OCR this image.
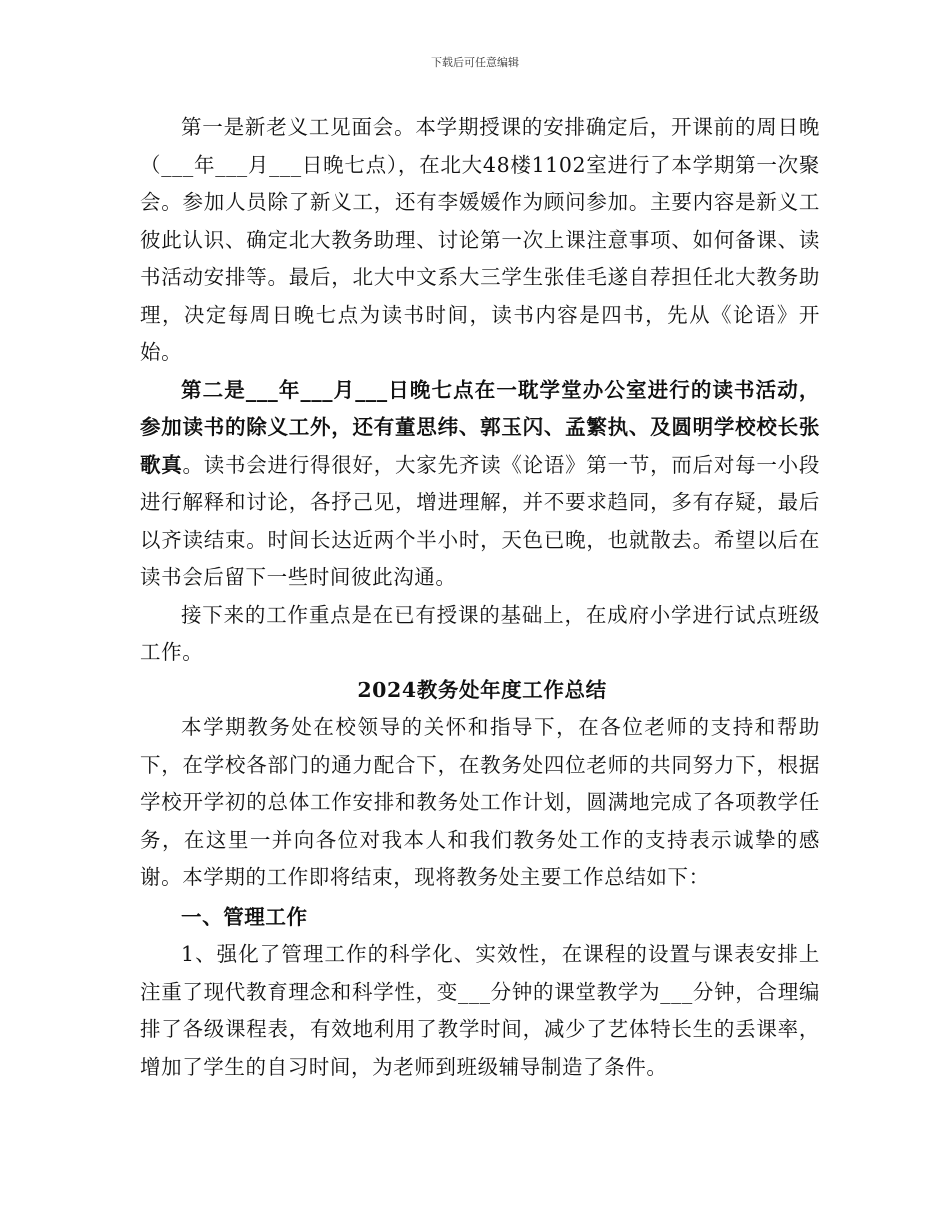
下载后可任意编辑

第一是新老义工见面会。本学期授课的安排确定后，开课前的周日晚（___年___月___日晚七点），在北大48楼1102室进行了本学期第一次聚会。参加人员除了新义工，还有李媛媛作为顾问参加。主要内容是新义工彼此认识、确定北大教务助理、讨论第一次上课注意事项、如何备课、读书活动安排等。最后，北大中文系大三学生张佳毛遂自荐担任北大教务助理，决定每周日晚七点为读书时间，读书内容是四书，先从《论语》开始。

第二是___年___月___日晚七点在一耽学堂办公室进行的读书活动，参加读书的除义工外，还有董思纬、郭玉闪、孟繁执、及圆明学校校长张歌真。读书会进行得很好，大家先齐读《论语》第一节，而后对每一小段进行解释和讨论，各抒己见，增进理解，并不要求趋同，多有存疑，最后以齐读结束。时间长达近两个半小时，天色已晚，也就散去。希望以后在读书会后留下一些时间彼此沟通。

接下来的工作重点是在已有授课的基础上，在成府小学进行试点班级工作。

2024教务处年度工作总结

本学期教务处在校领导的关怀和指导下，在各位老师的支持和帮助下，在学校各部门的通力配合下，在教务处四位老师的共同努力下，根据学校开学初的总体工作安排和教务处工作计划，圆满地完成了各项教学任务，在这里一并向各位对我本人和我们教务处工作的支持表示诚挚的感谢。本学期的工作即将结束，现将教务处主要工作总结如下：

一、管理工作

1、强化了管理工作的科学化、实效性，在课程的设置与课表安排上注重了现代教育理念和科学性，变___分钟的课堂教学为___分钟，合理编排了各级课程表，有效地利用了教学时间，减少了艺体特长生的丢课率，增加了学生的自习时间，为老师到班级辅导制造了条件。
